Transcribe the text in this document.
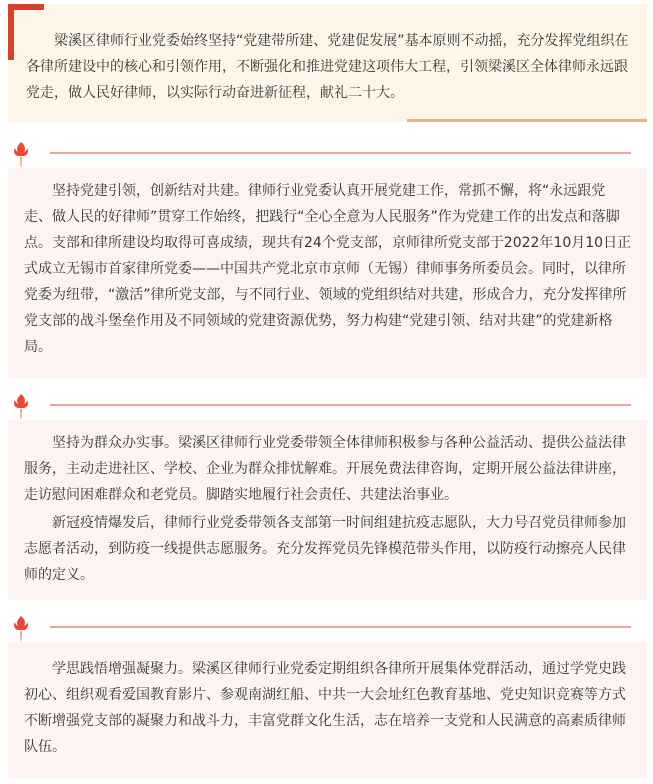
梁溪区律师行业党委始终坚持“党建带所建、党建促发展”基本原则不动摇，充分发挥党组织在各律所建设中的核心和引领作用，不断强化和推进党建这项伟大工程，引领梁溪区全体律师永远跟党走，做人民好律师，以实际行动奋进新征程，献礼二十大。

坚持党建引领，创新结对共建。律师行业党委认真开展党建工作，常抓不懈，将“永远跟党走、做人民的好律师”贯穿工作始终，把践行“全心全意为人民服务”作为党建工作的出发点和落脚点。支部和律所建设均取得可喜成绩，现共有24个党支部，京师律所党支部于2022年10月10日正式成立无锡市首家律所党委——中国共产党北京市京师（无锡）律师事务所委员会。同时，以律所党委为纽带，“激活”律所党支部，与不同行业、领域的党组织结对共建，形成合力，充分发挥律所党支部的战斗堡垒作用及不同领域的党建资源优势，努力构建“党建引领、结对共建”的党建新格局。

坚持为群众办实事。梁溪区律师行业党委带领全体律师积极参与各种公益活动、提供公益法律服务，主动走进社区、学校、企业为群众排忧解难。开展免费法律咨询，定期开展公益法律讲座，走访慰问困难群众和老党员。脚踏实地履行社会责任、共建法治事业。

新冠疫情爆发后，律师行业党委带领各支部第一时间组建抗疫志愿队，大力号召党员律师参加志愿者活动，到防疫一线提供志愿服务。充分发挥党员先锋模范带头作用，以防疫行动擦亮人民律师的定义。

学思践悟增强凝聚力。梁溪区律师行业党委定期组织各律所开展集体党群活动，通过学党史践初心、组织观看爱国教育影片、参观南湖红船、中共一大会址红色教育基地、党史知识竞赛等方式不断增强党支部的凝聚力和战斗力，丰富党群文化生活，志在培养一支党和人民满意的高素质律师队伍。
